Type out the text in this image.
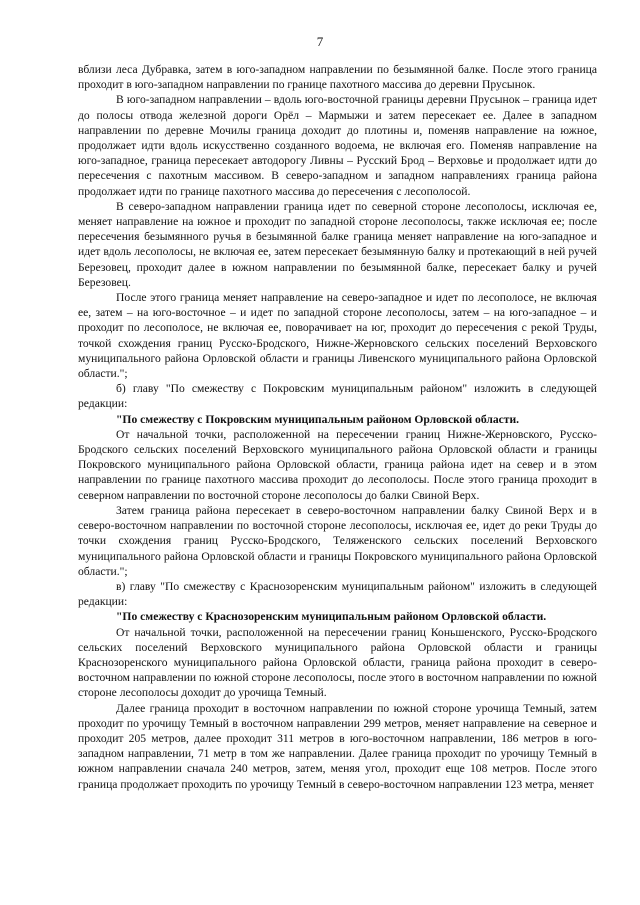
7

вблизи леса Дубравка, затем в юго-западном направлении по безымянной балке. После этого граница проходит в юго-западном направлении по границе пахотного массива до деревни Прусынок.

В юго-западном направлении – вдоль юго-восточной границы деревни Прусынок – граница идет до полосы отвода железной дороги Орёл – Мармыжи и затем пересекает ее. Далее в западном направлении по деревне Мочилы граница доходит до плотины и, поменяв направление на южное, продолжает идти вдоль искусственно созданного водоема, не включая его. Поменяв направление на юго-западное, граница пересекает автодорогу Ливны – Русский Брод – Верховье и продолжает идти до пересечения с пахотным массивом. В северо-западном и западном направлениях граница района продолжает идти по границе пахотного массива до пересечения с лесополосой.

В северо-западном направлении граница идет по северной стороне лесополосы, исключая ее, меняет направление на южное и проходит по западной стороне лесополосы, также исключая ее; после пересечения безымянного ручья в безымянной балке граница меняет направление на юго-западное и идет вдоль лесополосы, не включая ее, затем пересекает безымянную балку и протекающий в ней ручей Березовец, проходит далее в южном направлении по безымянной балке, пересекает балку и ручей Березовец.

После этого граница меняет направление на северо-западное и идет по лесополосе, не включая ее, затем – на юго-восточное – и идет по западной стороне лесополосы, затем – на юго-западное – и проходит по лесополосе, не включая ее, поворачивает на юг, проходит до пересечения с рекой Труды, точкой схождения границ Русско-Бродского, Нижне-Жерновского сельских поселений Верховского муниципального района Орловской области и границы Ливенского муниципального района Орловской области.";

б) главу "По смежеству с Покровским муниципальным районом" изложить в следующей редакции:

"По смежеству с Покровским муниципальным районом Орловской области.

От начальной точки, расположенной на пересечении границ Нижне-Жерновского, Русско-Бродского сельских поселений Верховского муниципального района Орловской области и границы Покровского муниципального района Орловской области, граница района идет на север и в этом направлении по границе пахотного массива проходит до лесополосы. После этого граница проходит в северном направлении по восточной стороне лесополосы до балки Свиной Верх.

Затем граница района пересекает в северо-восточном направлении балку Свиной Верх и в северо-восточном направлении по восточной стороне лесополосы, исключая ее, идет до реки Труды до точки схождения границ Русско-Бродского, Теляженского сельских поселений Верховского муниципального района Орловской области и границы Покровского муниципального района Орловской области.";

в) главу "По смежеству с Краснозоренским муниципальным районом" изложить в следующей редакции:

"По смежеству с Краснозоренским муниципальным районом Орловской области.

От начальной точки, расположенной на пересечении границ Коньшенского, Русско-Бродского сельских поселений Верховского муниципального района Орловской области и границы Краснозоренского муниципального района Орловской области, граница района проходит в северо-восточном направлении по южной стороне лесополосы, после этого в восточном направлении по южной стороне лесополосы доходит до урочища Темный.

Далее граница проходит в восточном направлении по южной стороне урочища Темный, затем проходит по урочищу Темный в восточном направлении 299 метров, меняет направление на северное и проходит 205 метров, далее проходит 311 метров в юго-восточном направлении, 186 метров в юго-западном направлении, 71 метр в том же направлении. Далее граница проходит по урочищу Темный в южном направлении сначала 240 метров, затем, меняя угол, проходит еще 108 метров. После этого граница продолжает проходить по урочищу Темный в северо-восточном направлении 123 метра, меняет
